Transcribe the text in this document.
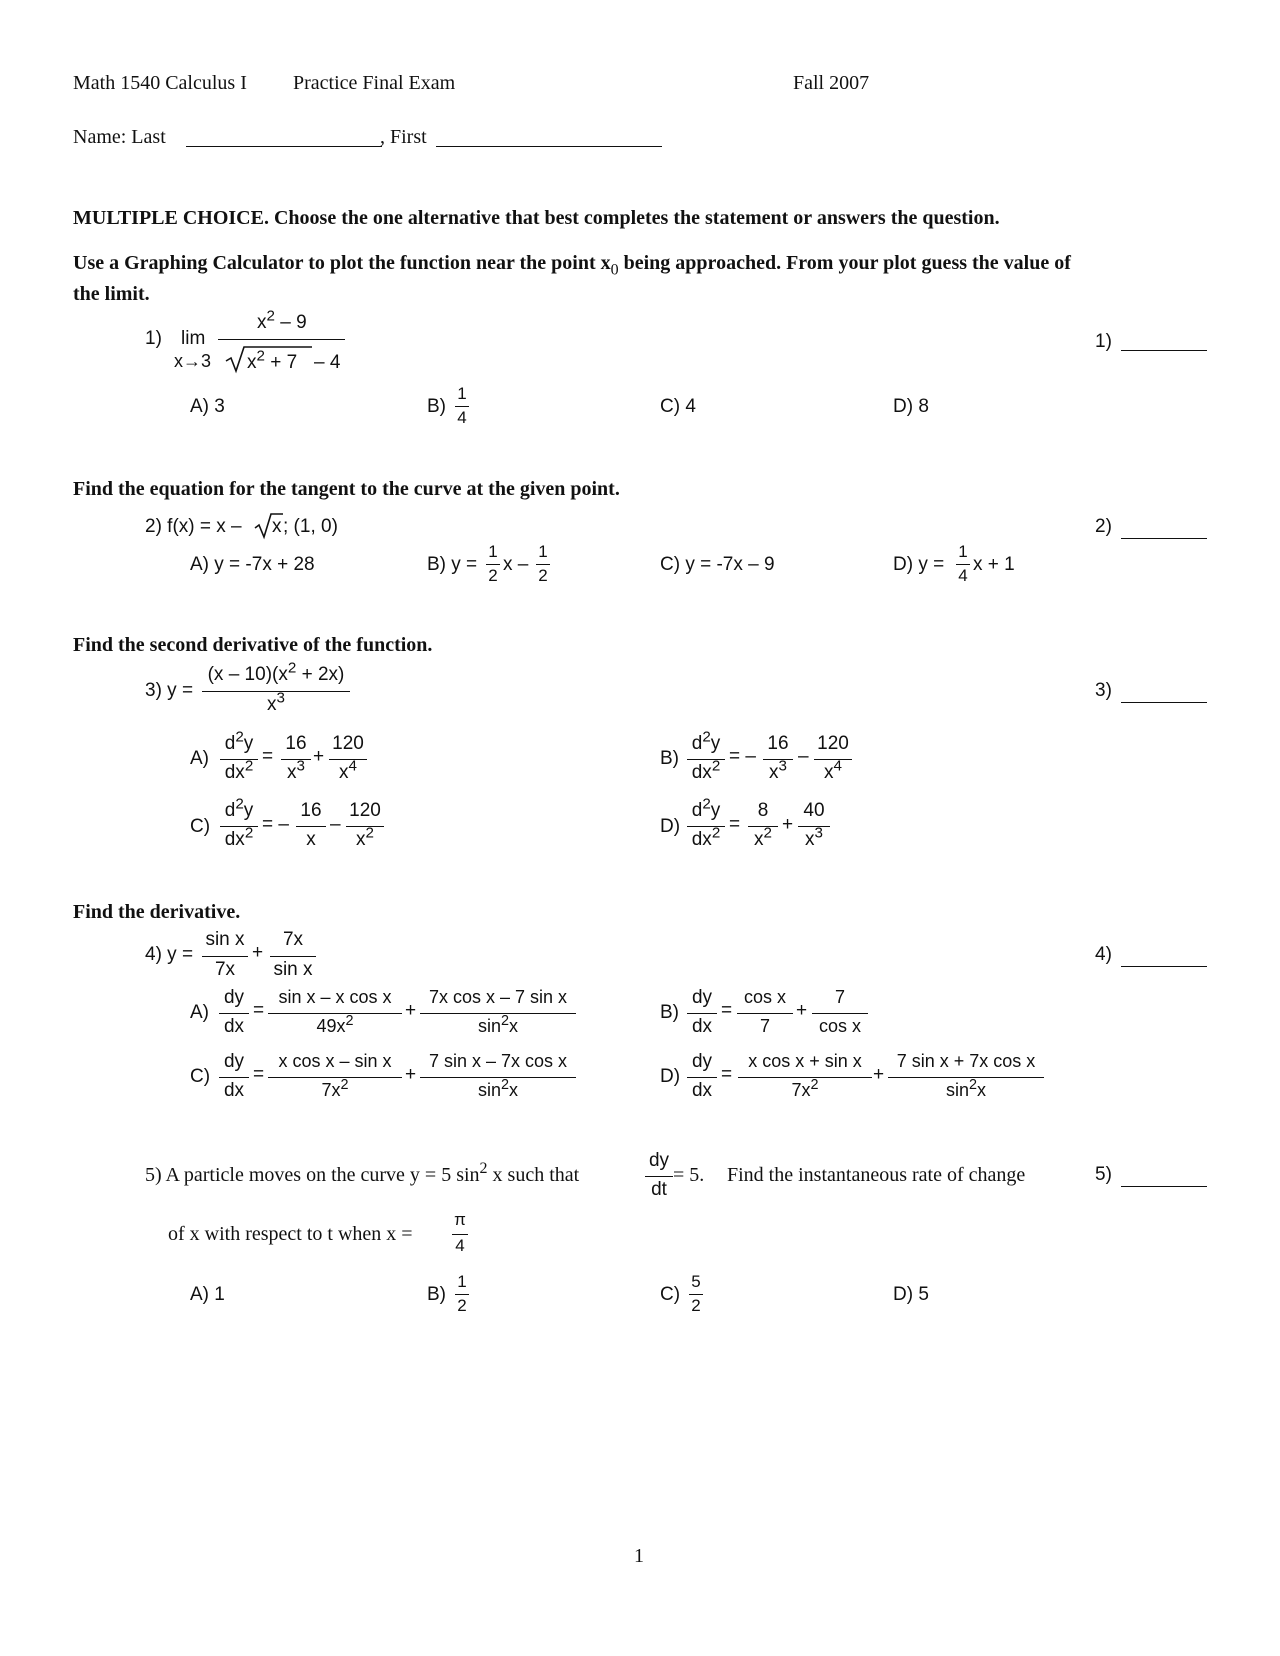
Math 1540 Calculus I Practice Final Exam	Fall 2007
Name: Last	, First
MULTIPLE CHOICE. Choose the one alternative that best completes the statement or answers the question.
Use a Graphing Calculator to plot the function near the point $x_0$ being approached. From your plot guess the value of
the limit.
1) lim
x→3
$x^2 - 9$
$x^2 + 7 - 4$
1)
A) 3	B)
1
4
C) 4	D) 8
Find the equation for the tangent to the curve at the given point.
2) f(x) = x – x ; (1, 0)	2)
A) y = -7x + 28	B) y =
1
2
x –
1
2
C) y = -7x – 9	D) y =
1
4
x + 1
Find the second derivative of the function.
3) y =
$(x - 10)(x^2 + 2x)$
$x^3$	3)
A)
$d^2y$
$dx^2$ =
16
$x^3$ +
120
$x^4$	B)
$d^2y$
$dx^2$ = –
16
$x^3$ –
120
$x^4$
C)
$d^2y$
$dx^2$ = –
16
x
–
120
$x^2$	D)
$d^2y$
$dx^2$ =
8
$x^2$ +
40
$x^3$
Find the derivative.
4) y =
sin x
7x
+
7x
sin x
4)
A)
dy
dx
=
sin x – x cos x
$49x^2$	+
7x cos x – 7 sin x
$\sin^2x$
B)
dy
dx
=
cos x
7
+
7
cos x
C)
dy
dx
=
x cos x – sin x
$7x^2$	+
7 sin x – 7x cos x
$\sin^2x$
D)
dy
dx
=
x cos x + sin x
$7x^2$	+
7 sin x + 7x cos x
$\sin^2x$
5) A particle moves on the curve y = 5 $\sin^2 x$ such that
dy
dt
= 5. Find the instantaneous rate of change	5)
of x with respect to t when x =
π
4
A) 1	B)
1
2
C)
5
2
D) 5
1
